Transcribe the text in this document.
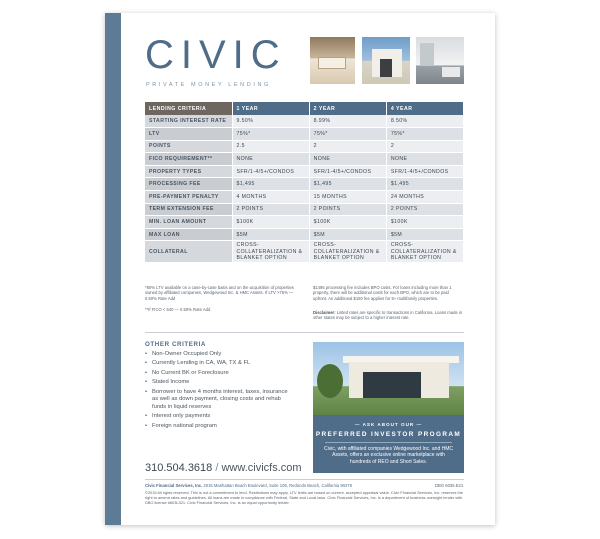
CIVIC
PRIVATE MONEY LENDING
LENDING CRITERIA	1 YEAR	2 YEAR	4 YEAR
STARTING INTEREST RATE	9.50%	8.99%	8.50%
LTV	75%*	75%*	75%*
POINTS	2.5	2	2
FICO REQUIREMENT**	NONE	NONE	NONE
PROPERTY TYPES	SFR/1-4/5+/CONDOS	SFR/1-4/5+/CONDOS	SFR/1-4/5+/CONDOS
PROCESSING FEE	$1,495	$1,495	$1,495
PRE-PAYMENT PENALTY	4 MONTHS	15 MONTHS	24 MONTHS
TERM EXTENSION FEE	2 POINTS	2 POINTS	2 POINTS
MIN. LOAN AMOUNT	$100K	$100K	$100K
MAX LOAN	$5M	$5M	$5M
COLLATERAL	CROSS-COLLATERALIZATION & BLANKET OPTION	CROSS-COLLATERALIZATION & BLANKET OPTION	CROSS-COLLATERALIZATION & BLANKET OPTION
*80% LTV available on a case-by-case basis and on the acquisition of properties owned by affiliated companies, Wedgewood Inc. & HMC Assets. If LTV >75% — 0.50% Rate Add
**If FICO < 640 — 0.50% Rate Add
$1495 processing fee includes BPO costs. For loans including more than 1 property, there will be additional costs for each BPO, which are to be paid upfront. An additional $150 fee applies for 5+ multifamily properties.
Disclaimer: Listed rates are specific to transactions in California. Loans made in other states may be subject to a higher interest rate.
OTHER CRITERIA
• Non-Owner Occupied Only
• Currently Lending in CA, WA, TX & FL
• No Current BK or Foreclosure
• Stated Income
• Borrower to have 4 months interest, taxes, insurance as well as down payment, closing costs and rehab funds in liquid reserves
• Interest only payments
• Foreign national program	— ASK ABOUT OUR —
PREFERRED INVESTOR PROGRAM
Civic, with affiliated companies Wedgewood Inc. and HMC Assets, offers an exclusive online marketplace with hundreds of REO and Short Sales.
310.504.3618 / www.civicfs.com
Civic Financial Services, Inc. 2015 Manhattan Beach Boulevard, Suite 106, Redondo Beach, California 90278	DBO 6035.E21
©2015 All rights reserved. This is not a commitment to lend. Restrictions may apply. LTV limits are based on current, accepted appraisal value. Civic Financial Services, Inc. reserves the right to amend rates and guidelines. All loans are made in compliance with Federal, State and Local laws. Civic Financial Services, Inc. is a department of business oversight lender with DBO license #603L321. Civic Financial Services, Inc. is an equal opportunity lender.
